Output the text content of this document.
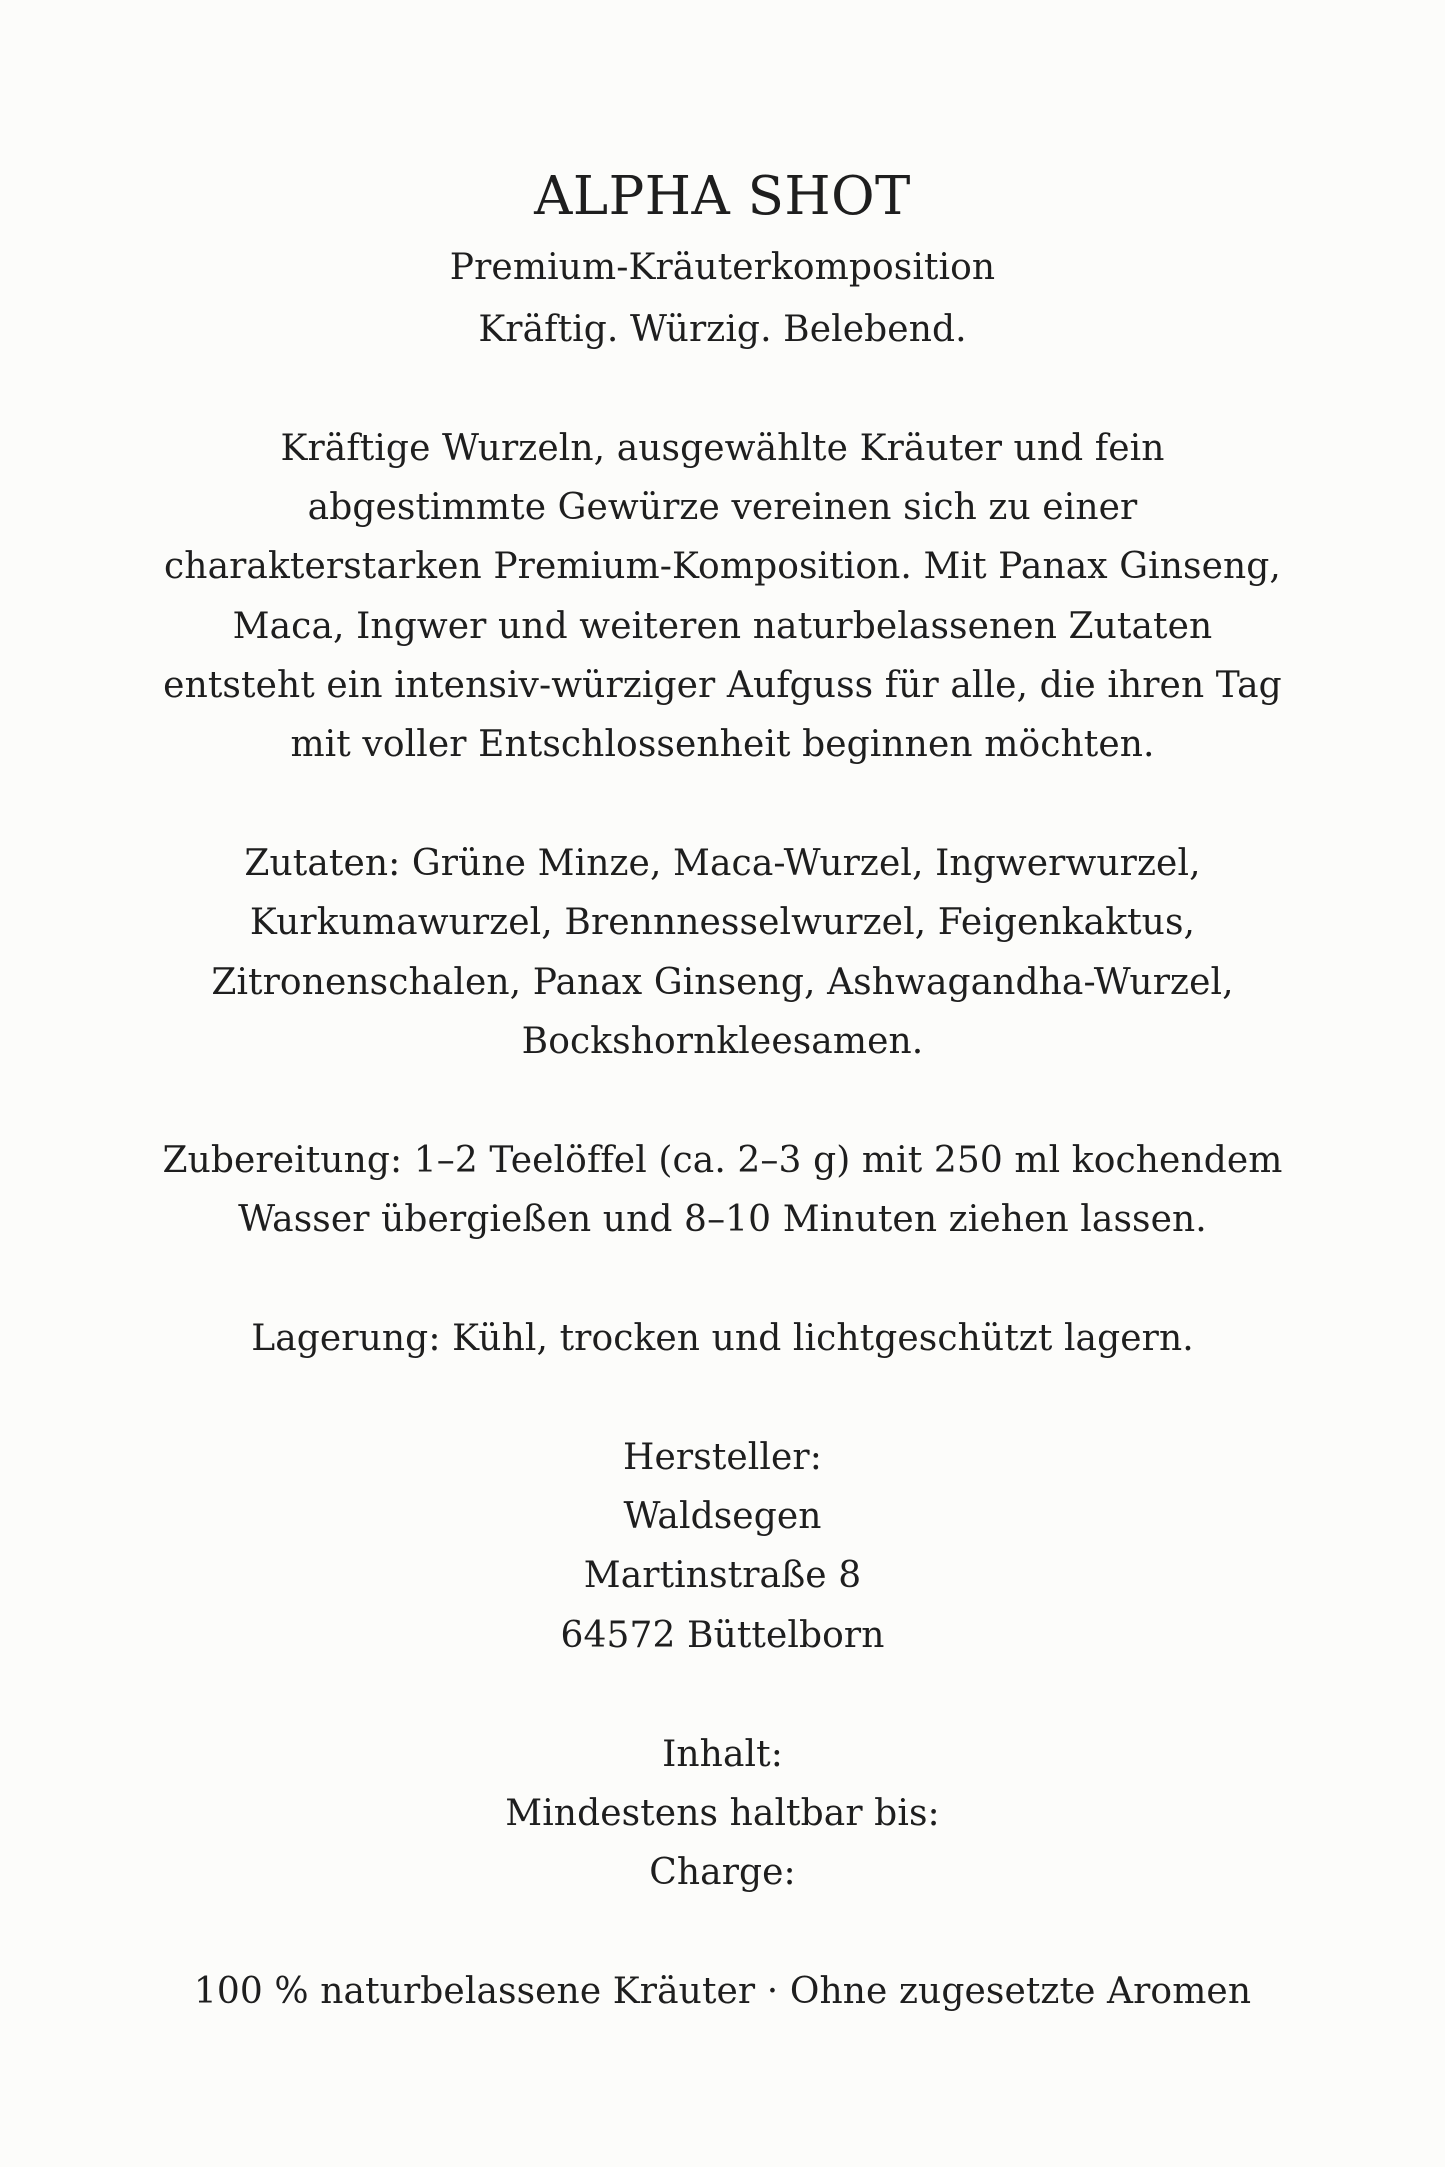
ALPHA SHOT
Premium-Kräuterkomposition
Kräftig. Würzig. Belebend.
Kräftige Wurzeln, ausgewählte Kräuter und fein
abgestimmte Gewürze vereinen sich zu einer
charakterstarken Premium-Komposition. Mit Panax Ginseng,
Maca, Ingwer und weiteren naturbelassenen Zutaten
entsteht ein intensiv-würziger Aufguss für alle, die ihren Tag
mit voller Entschlossenheit beginnen möchten.
Zutaten: Grüne Minze, Maca-Wurzel, Ingwerwurzel,
Kurkumawurzel, Brennnesselwurzel, Feigenkaktus,
Zitronenschalen, Panax Ginseng, Ashwagandha-Wurzel,
Bockshornkleesamen.
Zubereitung: 1–2 Teelöffel (ca. 2–3 g) mit 250 ml kochendem
Wasser übergießen und 8–10 Minuten ziehen lassen.
Lagerung: Kühl, trocken und lichtgeschützt lagern.
Hersteller:
Waldsegen
Martinstraße 8
64572 Büttelborn
Inhalt:
Mindestens haltbar bis:
Charge:
100 % naturbelassene Kräuter · Ohne zugesetzte Aromen
